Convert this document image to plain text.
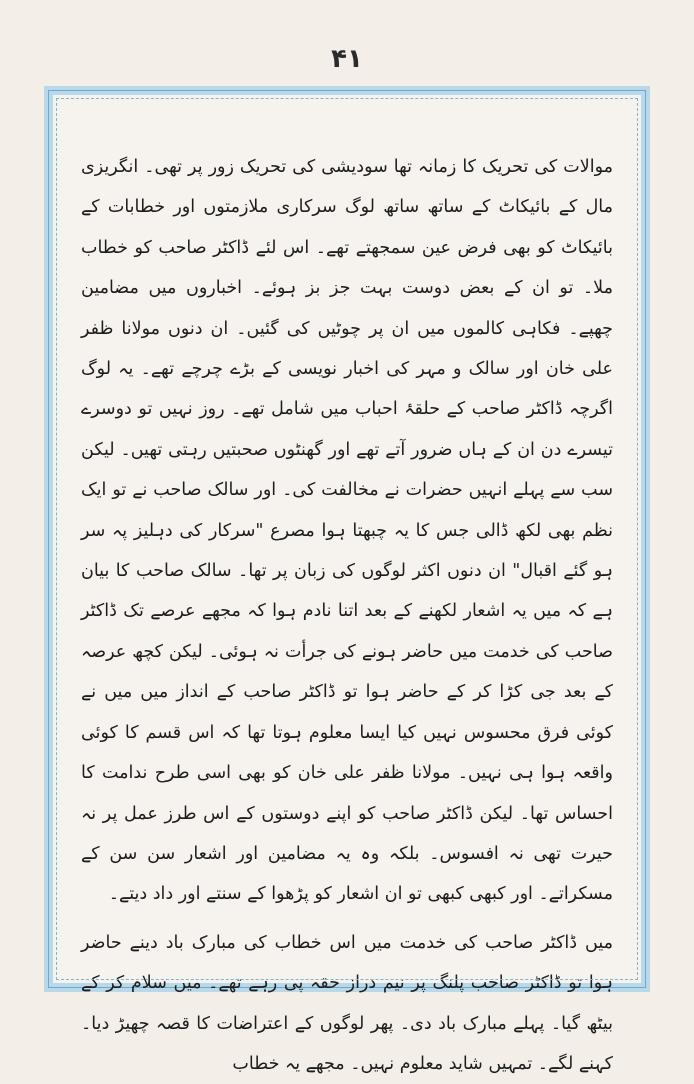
۴۱

موالات کی تحریک کا زمانہ تھا سودیشی کی تحریک زور پر تھی۔ انگریزی مال کے بائیکاٹ کے ساتھ ساتھ لوگ سرکاری ملازمتوں اور خطابات کے بائیکاٹ کو بھی فرض عین سمجھتے تھے۔ اس لئے ڈاکٹر صاحب کو خطاب ملا۔ تو ان کے بعض دوست بہت جز بز ہوئے۔ اخباروں میں مضامین چھپے۔ فکاہی کالموں میں ان پر چوٹیں کی گئیں۔ ان دنوں مولانا ظفر علی خان اور سالک و مہر کی اخبار نویسی کے بڑے چرچے تھے۔ یہ لوگ اگرچہ ڈاکٹر صاحب کے حلقۂ احباب میں شامل تھے۔ روز نہیں تو دوسرے تیسرے دن ان کے ہاں ضرور آتے تھے اور گھنٹوں صحبتیں رہتی تھیں۔ لیکن سب سے پہلے انہیں حضرات نے مخالفت کی۔ اور سالک صاحب نے تو ایک نظم بھی لکھ ڈالی جس کا یہ چبھتا ہوا مصرع "سرکار کی دہلیز پہ سر ہو گئے اقبال" ان دنوں اکثر لوگوں کی زبان پر تھا۔ سالک صاحب کا بیان ہے کہ میں یہ اشعار لکھنے کے بعد اتنا نادم ہوا کہ مجھے عرصے تک ڈاکٹر صاحب کی خدمت میں حاضر ہونے کی جرأت نہ ہوئی۔ لیکن کچھ عرصہ کے بعد جی کڑا کر کے حاضر ہوا تو ڈاکٹر صاحب کے انداز میں میں نے کوئی فرق محسوس نہیں کیا ایسا معلوم ہوتا تھا کہ اس قسم کا کوئی واقعہ ہوا ہی نہیں۔ مولانا ظفر علی خان کو بھی اسی طرح ندامت کا احساس تھا۔ لیکن ڈاکٹر صاحب کو اپنے دوستوں کے اس طرز عمل پر نہ حیرت تھی نہ افسوس۔ بلکہ وہ یہ مضامین اور اشعار سن سن کے مسکراتے۔ اور کبھی کبھی تو ان اشعار کو پڑھوا کے سنتے اور داد دیتے۔

میں ڈاکٹر صاحب کی خدمت میں اس خطاب کی مبارک باد دینے حاضر ہوا تو ڈاکٹر صاحب پلنگ پر نیم دراز حقہ پی رہے تھے۔ میں سلام کر کے بیٹھ گیا۔ پہلے مبارک باد دی۔ پھر لوگوں کے اعتراضات کا قصہ چھیڑ دیا۔ کہنے لگے۔ تمہیں شاید معلوم نہیں۔ مجھے یہ خطاب
